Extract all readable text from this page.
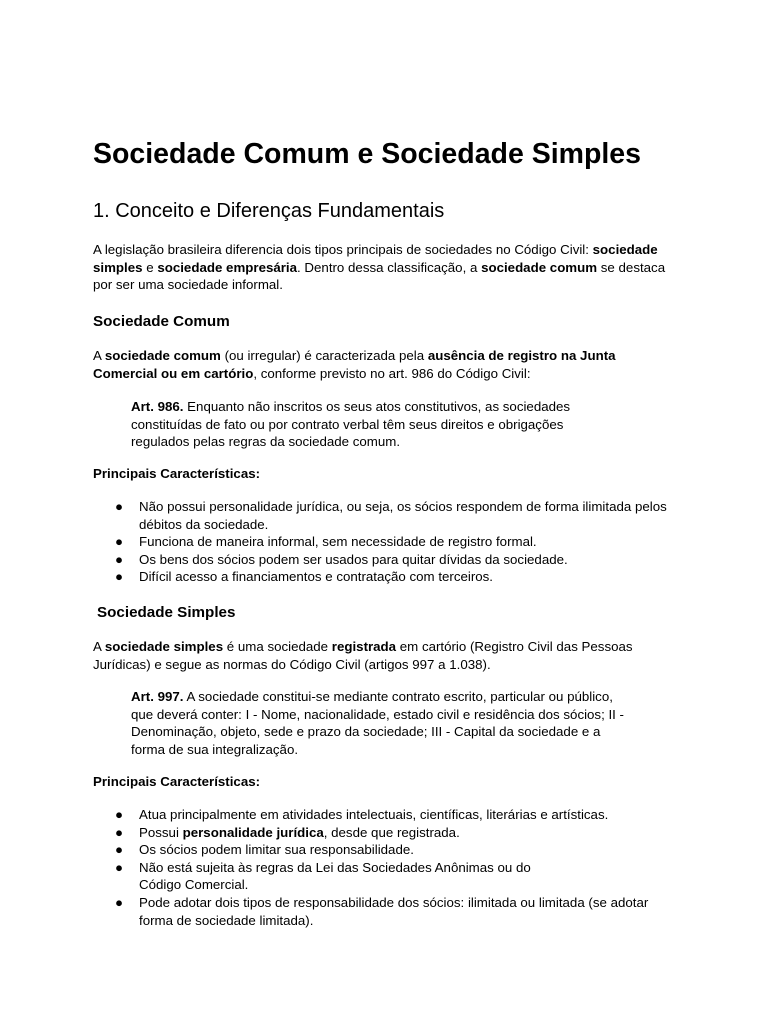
Sociedade Comum e Sociedade Simples
1. Conceito e Diferenças Fundamentais

A legislação brasileira diferencia dois tipos principais de sociedades no Código Civil: sociedade simples e sociedade empresária. Dentro dessa classificação, a sociedade comum se destaca por ser uma sociedade informal.

Sociedade Comum

A sociedade comum (ou irregular) é caracterizada pela ausência de registro na Junta Comercial ou em cartório, conforme previsto no art. 986 do Código Civil:

Art. 986. Enquanto não inscritos os seus atos constitutivos, as sociedades constituídas de fato ou por contrato verbal têm seus direitos e obrigações regulados pelas regras da sociedade comum.

Principais Características:

● Não possui personalidade jurídica, ou seja, os sócios respondem de forma ilimitada pelos débitos da sociedade.
● Funciona de maneira informal, sem necessidade de registro formal.
● Os bens dos sócios podem ser usados para quitar dívidas da sociedade.
● Difícil acesso a financiamentos e contratação com terceiros.
Sociedade Simples

A sociedade simples é uma sociedade registrada em cartório (Registro Civil das Pessoas Jurídicas) e segue as normas do Código Civil (artigos 997 a 1.038).

Art. 997. A sociedade constitui-se mediante contrato escrito, particular ou público, que deverá conter: I - Nome, nacionalidade, estado civil e residência dos sócios; II - Denominação, objeto, sede e prazo da sociedade; III - Capital da sociedade e a forma de sua integralização.

Principais Características:

● Atua principalmente em atividades intelectuais, científicas, literárias e artísticas.
● Possui personalidade jurídica, desde que registrada.
● Os sócios podem limitar sua responsabilidade.
● Não está sujeita às regras da Lei das Sociedades Anônimas ou do Código Comercial.
● Pode adotar dois tipos de responsabilidade dos sócios: ilimitada ou limitada (se adotar forma de sociedade limitada).
